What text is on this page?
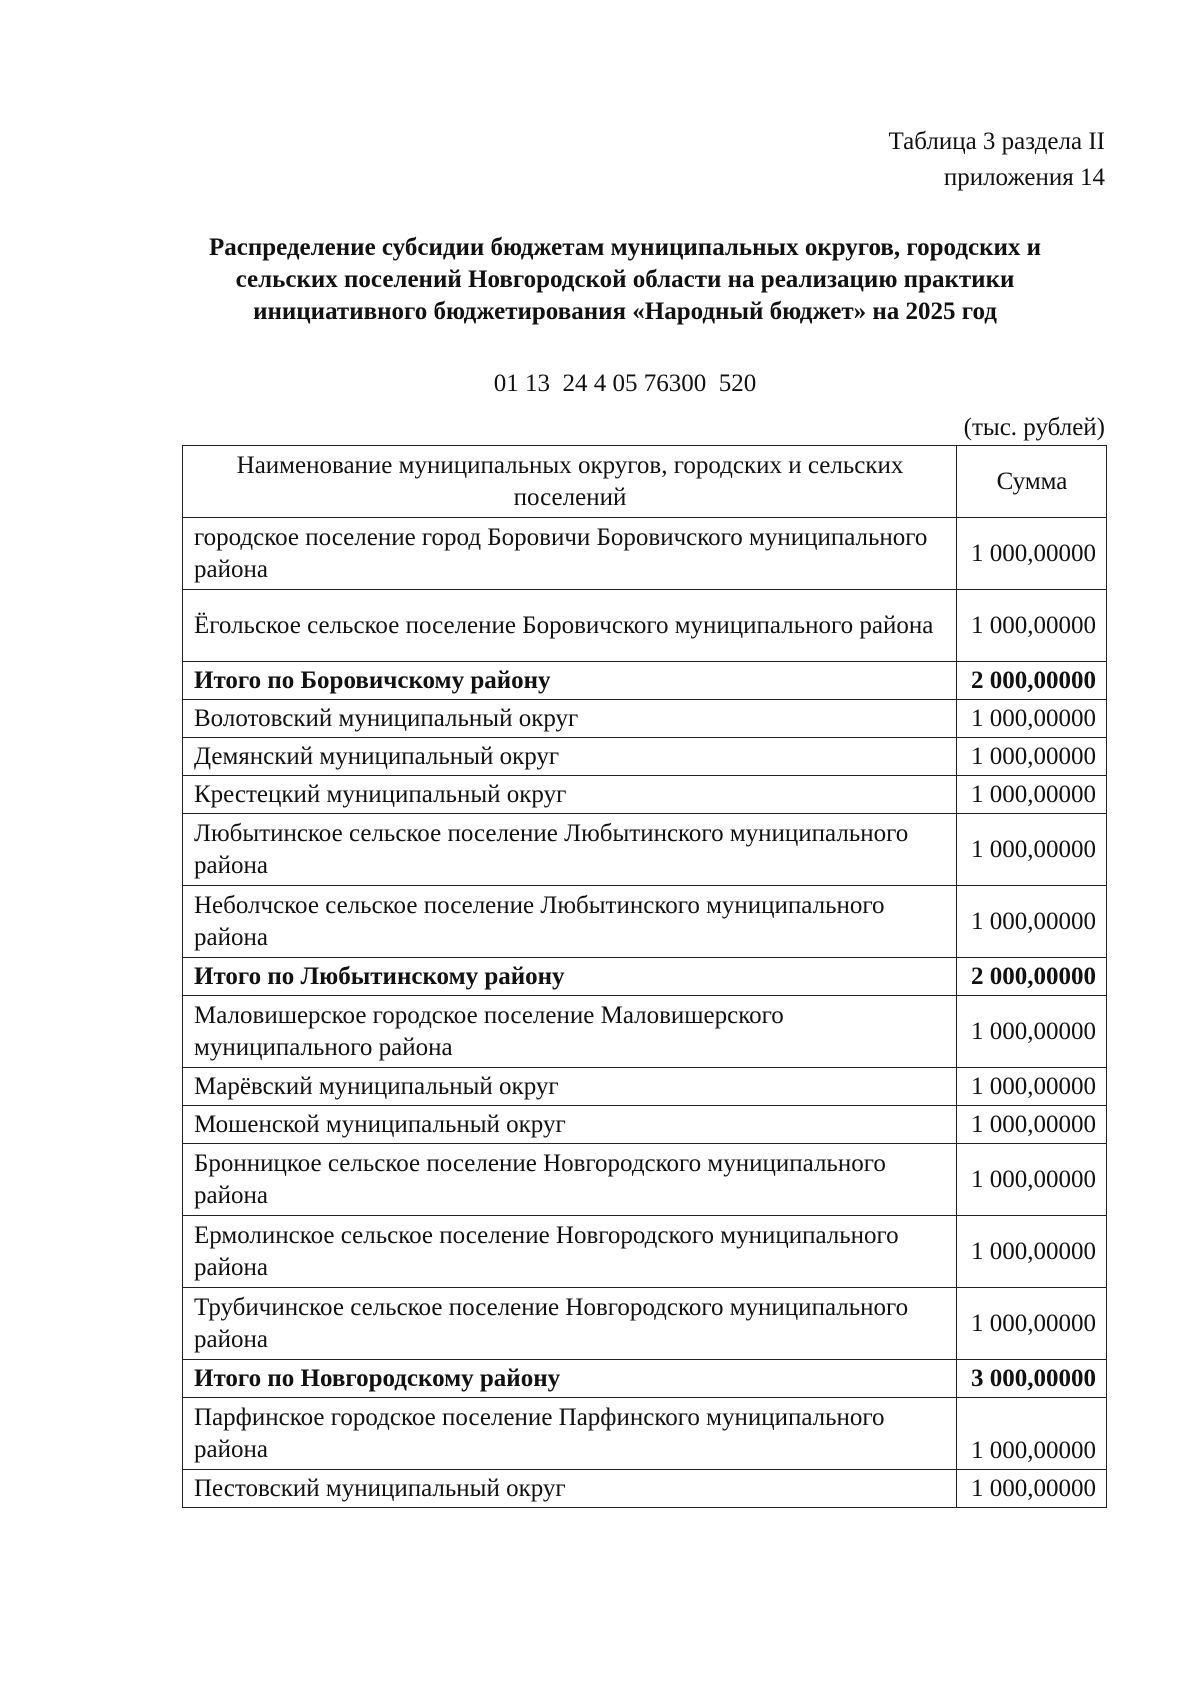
Таблица 3 раздела II
приложения 14
Распределение субсидии бюджетам муниципальных округов, городских и
сельских поселений Новгородской области на реализацию практики
инициативного бюджетирования «Народный бюджет» на 2025 год
01 13  24 4 05 76300  520
(тыс. рублей)
Наименование муниципальных округов, городских и сельских поселений	Сумма
городское поселение город Боровичи Боровичского муниципального района	1 000,00000
Ёгольское сельское поселение Боровичского муниципального района	1 000,00000
Итого по Боровичскому району	2 000,00000
Волотовский муниципальный округ	1 000,00000
Демянский муниципальный округ	1 000,00000
Крестецкий муниципальный округ	1 000,00000
Любытинское сельское поселение Любытинского муниципального района	1 000,00000
Неболчское сельское поселение Любытинского муниципального района	1 000,00000
Итого по Любытинскому району	2 000,00000
Маловишерское городское поселение Маловишерского муниципального района	1 000,00000
Марёвский муниципальный округ	1 000,00000
Мошенской муниципальный округ	1 000,00000
Бронницкое сельское поселение Новгородского муниципального района	1 000,00000
Ермолинское сельское поселение Новгородского муниципального района	1 000,00000
Трубичинское сельское поселение Новгородского муниципального района	1 000,00000
Итого по Новгородскому району	3 000,00000
Парфинское городское поселение Парфинского муниципального района	1 000,00000
Пестовский муниципальный округ	1 000,00000
